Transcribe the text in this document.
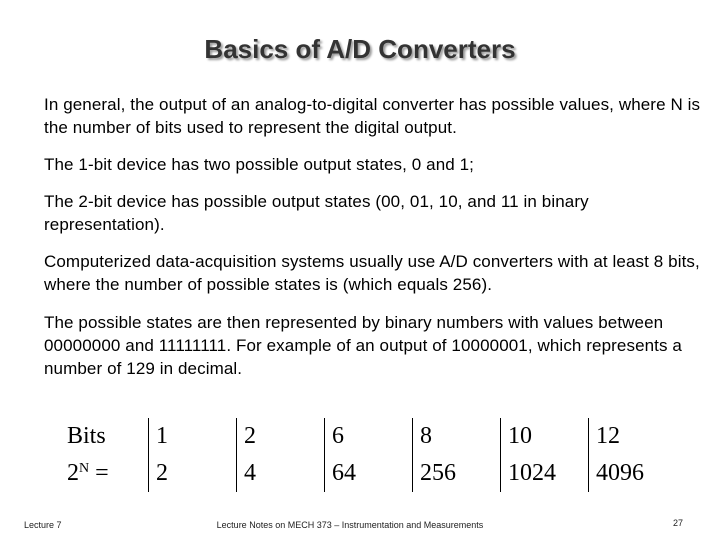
Basics of A/D Converters
In general, the output of an analog-to-digital converter has possible values, where N is the number of bits used to represent the digital output.
The 1-bit device has two possible output states, 0 and 1;
The 2-bit device has possible output states (00, 01, 10, and 11 in binary representation).
Computerized data-acquisition systems usually use A/D converters with at least 8 bits, where the number of possible states is (which equals 256).
The possible states are then represented by binary numbers with values between 00000000 and 11111111. For example of an output of 10000001, which represents a number of 129 in decimal.
Bits	1	2	6	8	10	12
$2^N$ =	2	4	64	256	1024	4096
Lecture 7	Lecture Notes on MECH 373 – Instrumentation and Measurements	27
